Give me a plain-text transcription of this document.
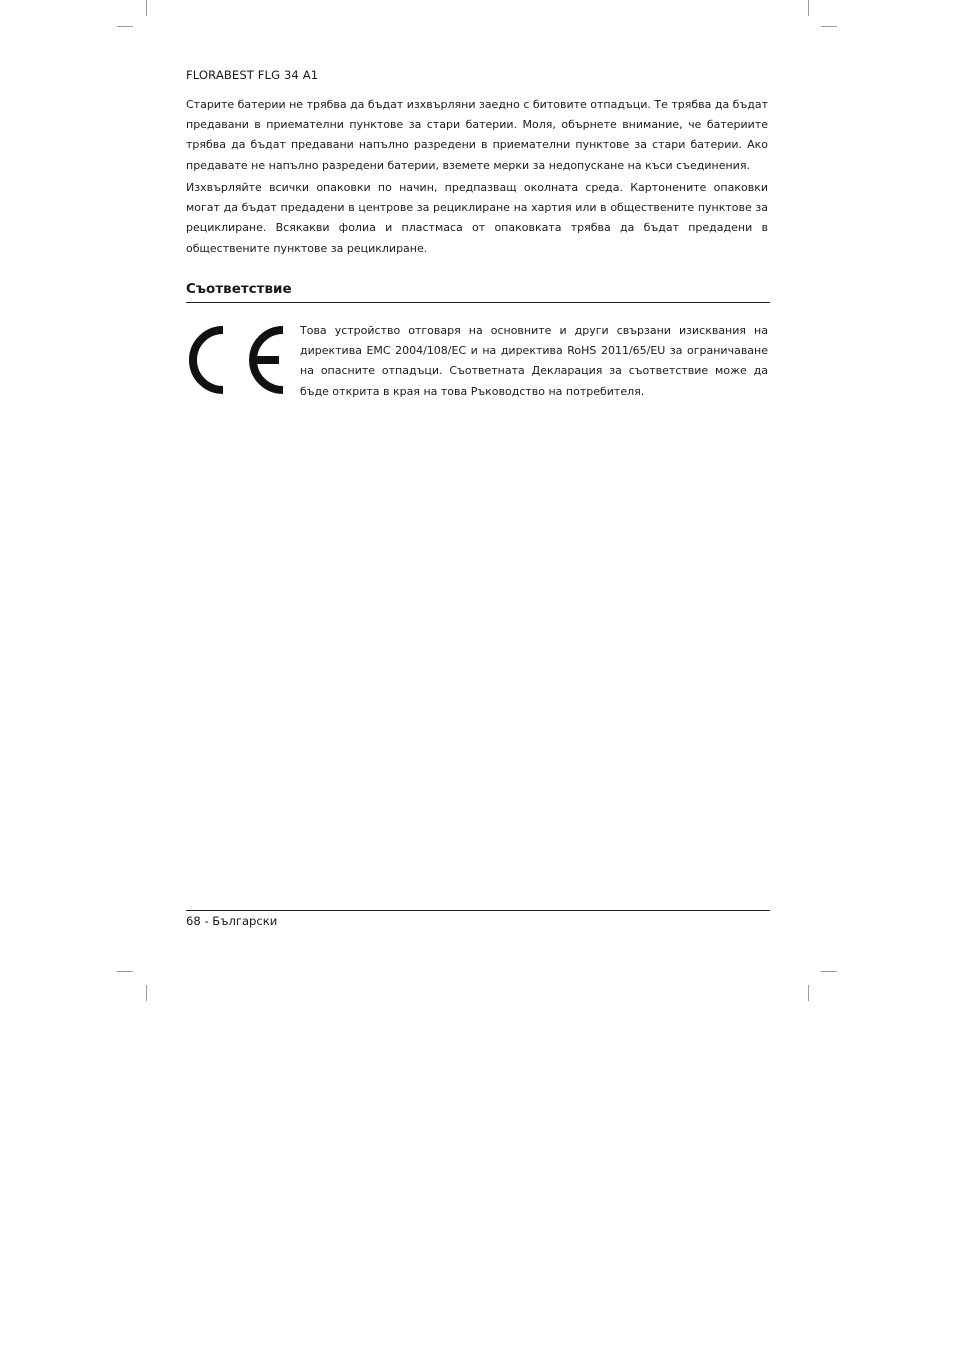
FLORABEST FLG 34 A1

Старите батерии не трябва да бъдат изхвърляни заедно с битовите отпадъци. Те трябва да бъдат предавани в приемателни пунктове за стари батерии. Моля, обърнете внимание, че батериите трябва да бъдат предавани напълно разредени в приемателни пунктове за стари батерии. Ако предавате не напълно разредени батерии, вземете мерки за недопускане на къси съединения.

Изхвърляйте всички опаковки по начин, предпазващ околната среда. Картонените опаковки могат да бъдат предадени в центрове за рециклиране на хартия или в обществените пунктове за рециклиране. Всякакви фолиа и пластмаса от опаковката трябва да бъдат предадени в обществените пунктове за рециклиране.

Съответствие

Това устройство отговаря на основните и други свързани изисквания на директива EMC 2004/108/EC и на директива RoHS 2011/65/EU за ограничаване на опасните отпадъци. Съответната Декларация за съответствие може да бъде открита в края на това Ръководство на потребителя.

68 - Български
